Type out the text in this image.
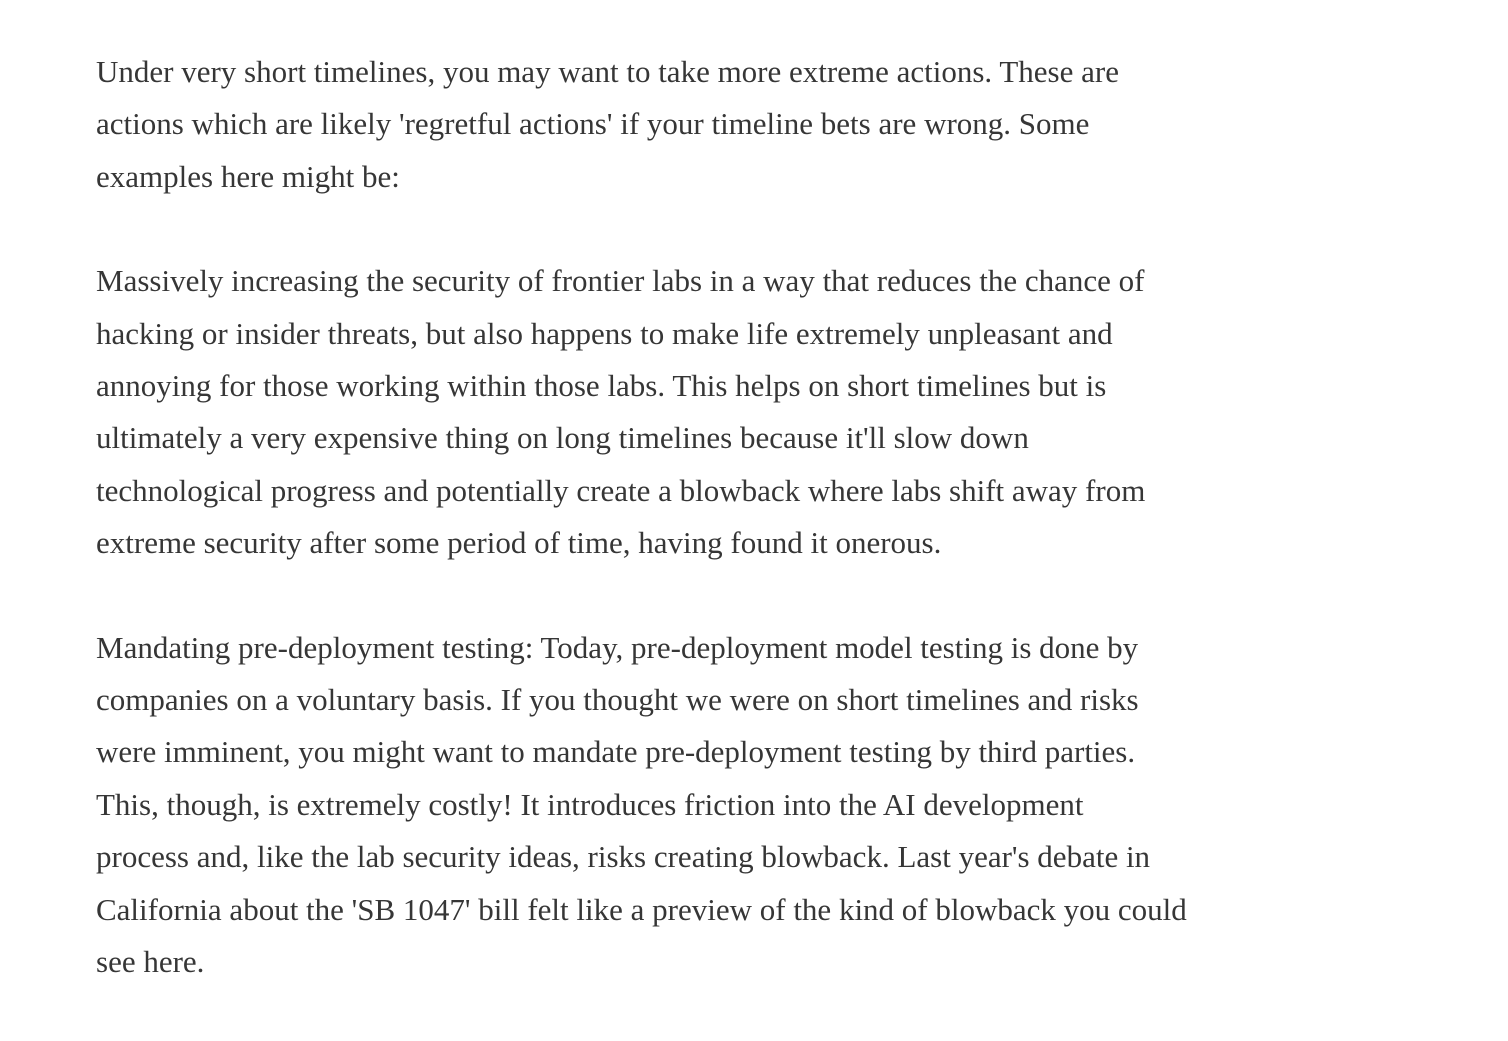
Under very short timelines, you may want to take more extreme actions. These are
actions which are likely 'regretful actions' if your timeline bets are wrong. Some
examples here might be:

Massively increasing the security of frontier labs in a way that reduces the chance of
hacking or insider threats, but also happens to make life extremely unpleasant and
annoying for those working within those labs. This helps on short timelines but is
ultimately a very expensive thing on long timelines because it'll slow down
technological progress and potentially create a blowback where labs shift away from
extreme security after some period of time, having found it onerous.

Mandating pre-deployment testing: Today, pre-deployment model testing is done by
companies on a voluntary basis. If you thought we were on short timelines and risks
were imminent, you might want to mandate pre-deployment testing by third parties.
This, though, is extremely costly! It introduces friction into the AI development
process and, like the lab security ideas, risks creating blowback. Last year's debate in
California about the 'SB 1047' bill felt like a preview of the kind of blowback you could
see here.
